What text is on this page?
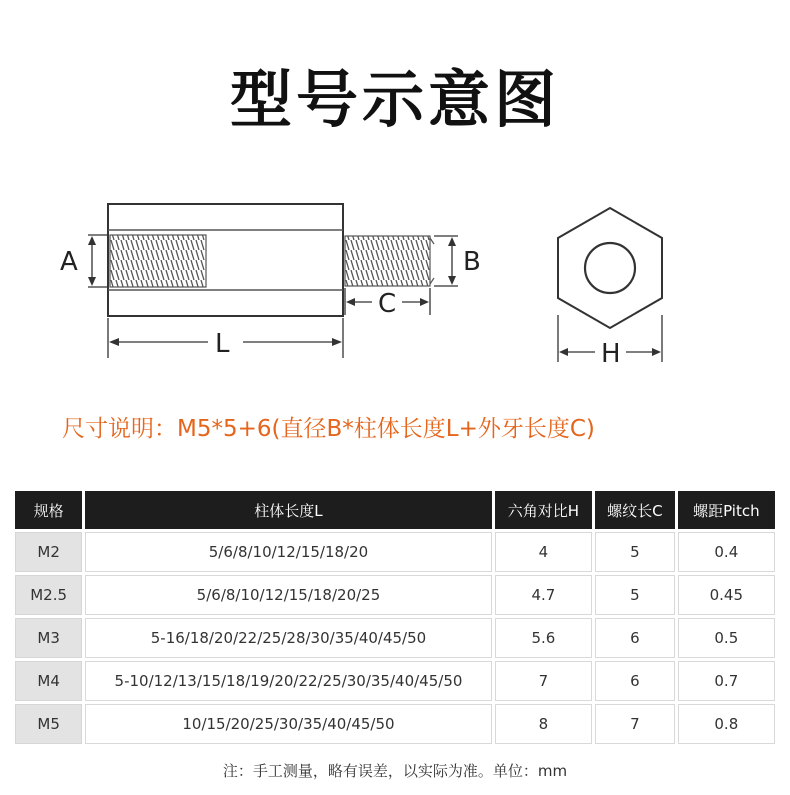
型号示意图
A	B
C
L	H
尺寸说明：M5*5+6(直径B*柱体长度L+外牙长度C)
规格	柱体长度L	六角对比H	螺纹长C	螺距Pitch
M2	5/6/8/10/12/15/18/20	4	5	0.4
M2.5	5/6/8/10/12/15/18/20/25	4.7	5	0.45
M3	5-16/18/20/22/25/28/30/35/40/45/50	5.6	6	0.5
M4	5-10/12/13/15/18/19/20/22/25/30/35/40/45/50	7	6	0.7
M5	10/15/20/25/30/35/40/45/50	8	7	0.8
注：手工测量，略有误差，以实际为准。单位：mm
